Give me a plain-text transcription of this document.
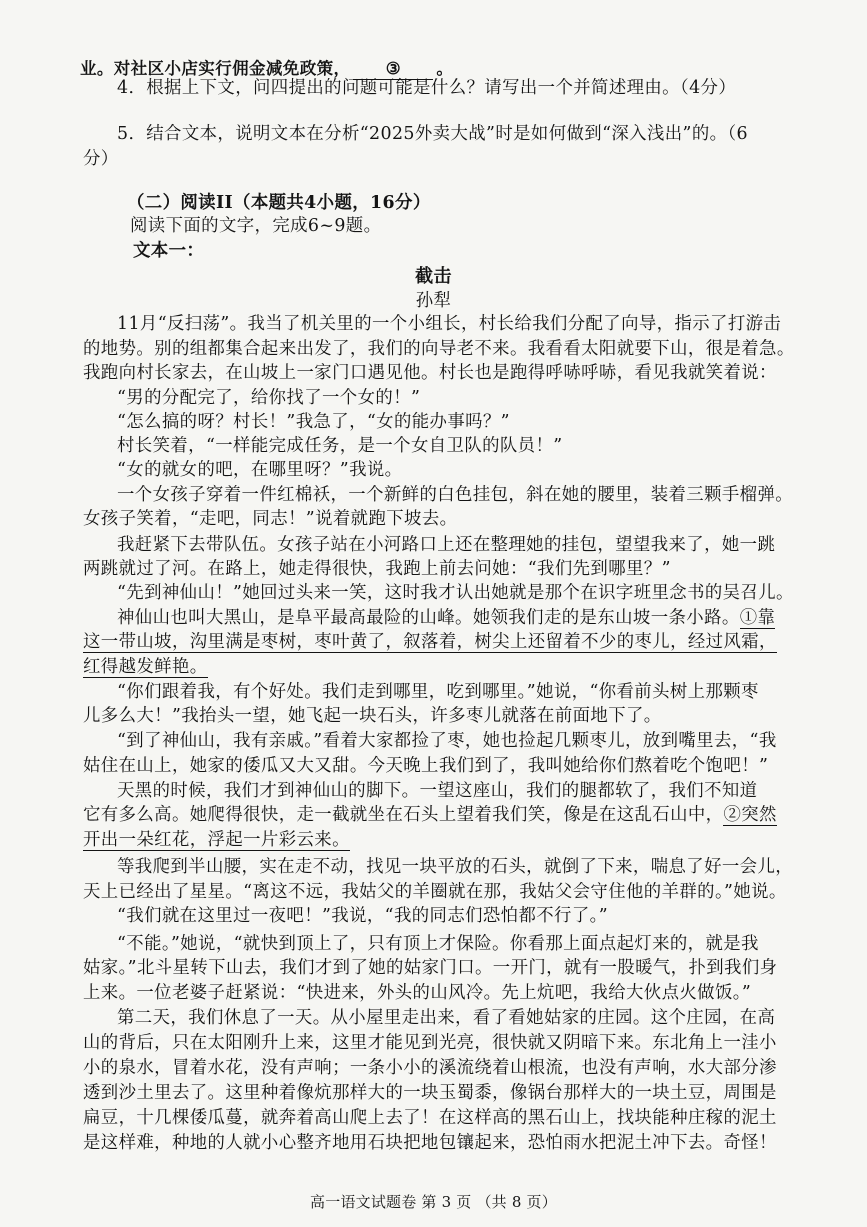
业。对社区小店实行佣金减免政策， ③ 。
4．根据上下文，问四提出的问题可能是什么？请写出一个并简述理由。（4分）
5．结合文本，说明文本在分析“2025外卖大战”时是如何做到“深入浅出”的。（6
分）
（二）阅读II（本题共4小题，16分）
阅读下面的文字，完成6~9题。
文本一：
截击
孙犁
11月“反扫荡”。我当了机关里的一个小组长，村长给我们分配了向导，指示了打游击
的地势。别的组都集合起来出发了，我们的向导老不来。我看看太阳就要下山，很是着急。
我跑向村长家去，在山坡上一家门口遇见他。村长也是跑得呼哧呼哧，看见我就笑着说：
“男的分配完了，给你找了一个女的！”
“怎么搞的呀？村长！”我急了，“女的能办事吗？”
村长笑着，“一样能完成任务，是一个女自卫队的队员！”
“女的就女的吧，在哪里呀？”我说。
一个女孩子穿着一件红棉袄，一个新鲜的白色挂包，斜在她的腰里，装着三颗手榴弹。
女孩子笑着，“走吧，同志！”说着就跑下坡去。
我赶紧下去带队伍。女孩子站在小河路口上还在整理她的挂包，望望我来了，她一跳
两跳就过了河。在路上，她走得很快，我跑上前去问她：“我们先到哪里？”
“先到神仙山！”她回过头来一笑，这时我才认出她就是那个在识字班里念书的吴召儿。
神仙山也叫大黑山，是阜平最高最险的山峰。她领我们走的是东山坡一条小路。①靠
这一带山坡，沟里满是枣树，枣叶黄了，叙落着，树尖上还留着不少的枣儿，经过风霜，
红得越发鲜艳。
“你们跟着我，有个好处。我们走到哪里，吃到哪里。”她说，“你看前头树上那颗枣
儿多么大！”我抬头一望，她飞起一块石头，许多枣儿就落在前面地下了。
“到了神仙山，我有亲戚。”看着大家都捡了枣，她也捡起几颗枣儿，放到嘴里去，“我
姑住在山上，她家的倭瓜又大又甜。今天晚上我们到了，我叫她给你们熬着吃个饱吧！”
天黑的时候，我们才到神仙山的脚下。一望这座山，我们的腿都软了，我们不知道
它有多么高。她爬得很快，走一截就坐在石头上望着我们笑，像是在这乱石山中，②突然
开出一朵红花，浮起一片彩云来。
等我爬到半山腰，实在走不动，找见一块平放的石头，就倒了下来，喘息了好一会儿，
天上已经出了星星。“离这不远，我姑父的羊圈就在那，我姑父会守住他的羊群的。”她说。
“我们就在这里过一夜吧！”我说，“我的同志们恐怕都不行了。”
“不能。”她说，“就快到顶上了，只有顶上才保险。你看那上面点起灯来的，就是我
姑家。”北斗星转下山去，我们才到了她的姑家门口。一开门，就有一股暖气，扑到我们身
上来。一位老婆子赶紧说：“快进来，外头的山风冷。先上炕吧，我给大伙点火做饭。”
第二天，我们休息了一天。从小屋里走出来，看了看她姑家的庄园。这个庄园，在高
山的背后，只在太阳刚升上来，这里才能见到光亮，很快就又阴暗下来。东北角上一洼小
小的泉水，冒着水花，没有声响；一条小小的溪流绕着山根流，也没有声响，水大部分渗
透到沙土里去了。这里种着像炕那样大的一块玉蜀黍，像锅台那样大的一块土豆，周围是
扁豆，十几棵倭瓜蔓，就奔着高山爬上去了！在这样高的黑石山上，找块能种庄稼的泥土
是这样难，种地的人就小心整齐地用石块把地包镶起来，恐怕雨水把泥土冲下去。奇怪！
高一语文试题卷 第 3 页 （共 8 页）
